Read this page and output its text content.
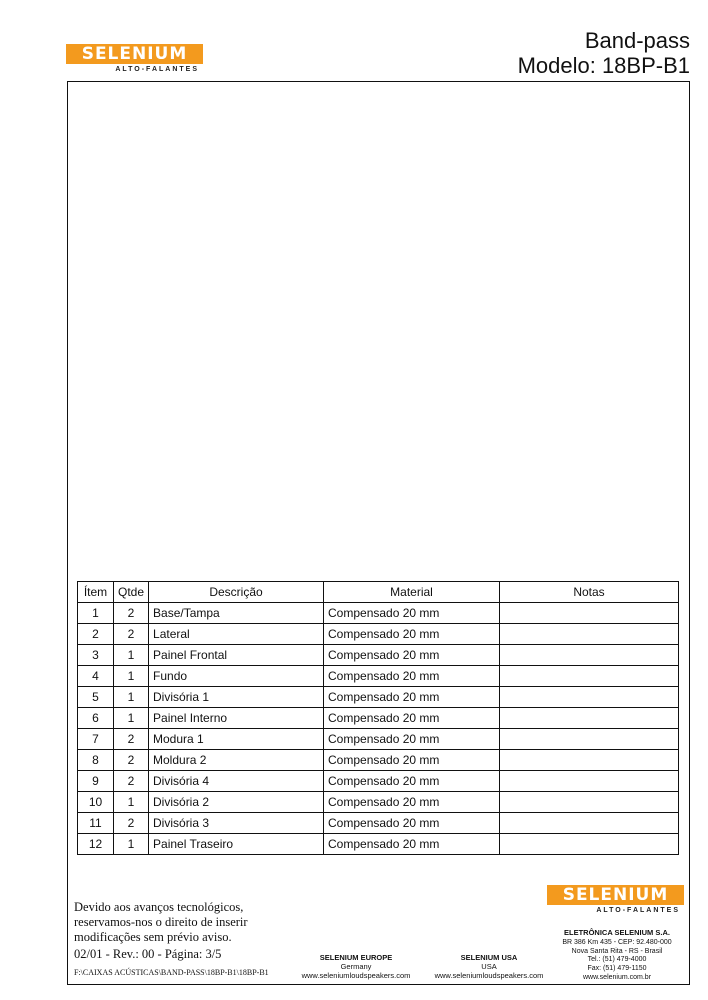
SELENIUM
ALTO-FALANTES
Band-pass
Modelo: 18BP-B1
Ítem	Qtde	Descrição	Material	Notas
1	2	Base/Tampa	Compensado 20 mm	
2	2	Lateral	Compensado 20 mm	
3	1	Painel Frontal	Compensado 20 mm	
4	1	Fundo	Compensado 20 mm	
5	1	Divisória 1	Compensado 20 mm	
6	1	Painel Interno	Compensado 20 mm	
7	2	Modura 1	Compensado 20 mm	
8	2	Moldura 2	Compensado 20 mm	
9	2	Divisória 4	Compensado 20 mm	
10	1	Divisória 2	Compensado 20 mm	
11	2	Divisória 3	Compensado 20 mm	
12	1	Painel Traseiro	Compensado 20 mm	
Devido aos avanços tecnológicos,
reservamos-nos o direito de inserir
modificações sem prévio aviso.
02/01 - Rev.: 00 - Página: 3/5
F:\CAIXAS ACÚSTICAS\BAND-PASS\18BP-B1\18BP-B1
SELENIUM EUROPE
Germany
www.seleniumloudspeakers.com
SELENIUM USA
USA
www.seleniumloudspeakers.com
SELENIUM
ALTO-FALANTES
ELETRÔNICA SELENIUM S.A.
BR 386 Km 435 - CEP: 92.480-000
Nova Santa Rita - RS - Brasil
Tel.: (51) 479-4000
Fax: (51) 479-1150
www.selenium.com.br
